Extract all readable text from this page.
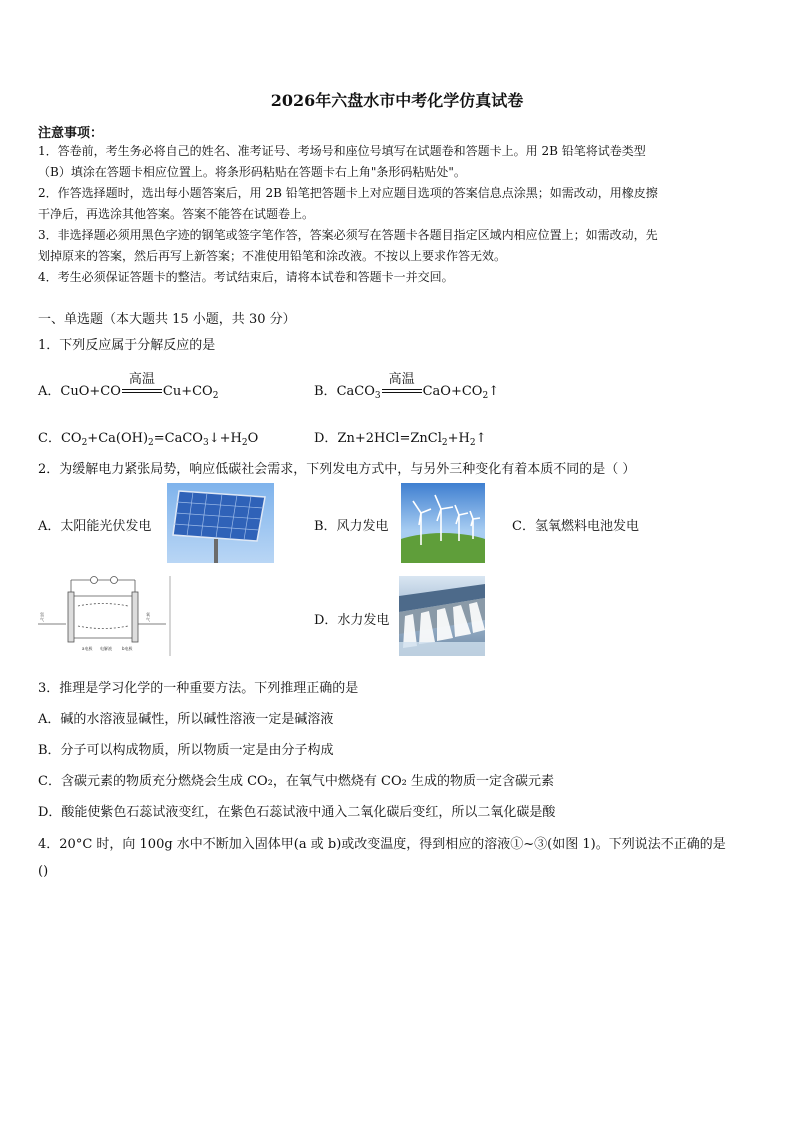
2026年六盘水市中考化学仿真试卷
注意事项：
1．答卷前，考生务必将自己的姓名、准考证号、考场号和座位号填写在试题卷和答题卡上。用 2B 铅笔将试卷类型
（B）填涂在答题卡相应位置上。将条形码粘贴在答题卡右上角"条形码粘贴处"。
2．作答选择题时，选出每小题答案后，用 2B 铅笔把答题卡上对应题目选项的答案信息点涂黑；如需改动，用橡皮擦
干净后，再选涂其他答案。答案不能答在试题卷上。
3．非选择题必须用黑色字迹的钢笔或签字笔作答，答案必须写在答题卡各题目指定区域内相应位置上；如需改动，先
划掉原来的答案，然后再写上新答案；不准使用铅笔和涂改液。不按以上要求作答无效。
4．考生必须保证答题卡的整洁。考试结束后，请将本试卷和答题卡一并交回。
一、单选题（本大题共 15 小题，共 30 分）
1．下列反应属于分解反应的是
A．CuO+CO
高温
$Cu+CO_2$	B．CaCO$_3$
高温
$CaO+CO_2↑$
C．$CO_2+Ca(OH)_2=CaCO_3↓+H_2O$	D．$Zn+2HCl=ZnCl_2+H_2↑$
2．为缓解电力紧张局势，响应低碳社会需求，下列发电方式中，与另外三种变化有着本质不同的是（ ）
A．太阳能光伏发电	B．风力发电	C．氢氧燃料电池发电
氢
气
氧
气
a电极 电解液	b电极
D．水力发电
3．推理是学习化学的一种重要方法。下列推理正确的是
A．碱的水溶液显碱性，所以碱性溶液一定是碱溶液
B．分子可以构成物质，所以物质一定是由分子构成
C．含碳元素的物质充分燃烧会生成 CO₂，在氧气中燃烧有 CO₂ 生成的物质一定含碳元素
D．酸能使紫色石蕊试液变红，在紫色石蕊试液中通入二氧化碳后变红，所以二氧化碳是酸
4．20°C 时，向 100g 水中不断加入固体甲(a 或 b)或改变温度，得到相应的溶液①~③(如图 1)。下列说法不正确的是
()
